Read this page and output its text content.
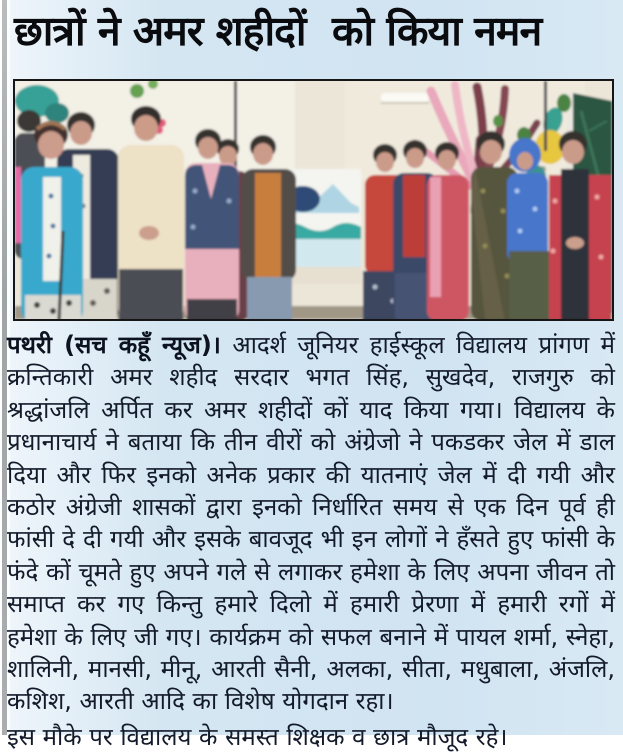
छात्रों ने अमर शहीदों  को किया नमन

पथरी (सच कहूँ न्यूज)। आदर्श जूनियर हाईस्कूल विद्यालय प्रांगण में क्रन्तिकारी अमर शहीद सरदार भगत सिंह, सुखदेव, राजगुरु को श्रद्धांजलि अर्पित कर अमर शहीदों कों याद किया गया। विद्यालय के प्रधानाचार्य ने बताया कि तीन वीरों को अंग्रेजो ने पकडकर जेल में डाल दिया और फिर इनको अनेक प्रकार की यातनाएं जेल में दी गयी और कठोर अंग्रेजी शासकों द्वारा इनको निर्धारित समय से एक दिन पूर्व ही फांसी दे दी गयी और इसके बावजूद भी इन लोगों ने हँसते हुए फांसी के फंदे कों चूमते हुए अपने गले से लगाकर हमेशा के लिए अपना जीवन तो समाप्त कर गए किन्तु हमारे दिलो में हमारी प्रेरणा में हमारी रगों में हमेशा के लिए जी गए। कार्यक्रम को सफल बनाने में पायल शर्मा, स्नेहा, शालिनी, मानसी, मीनू, आरती सैनी, अलका, सीता, मधुबाला, अंजलि, कशिश, आरती आदि का विशेष योगदान रहा।

इस मौके पर विद्यालय के समस्त शिक्षक व छात्र मौजूद रहे।
